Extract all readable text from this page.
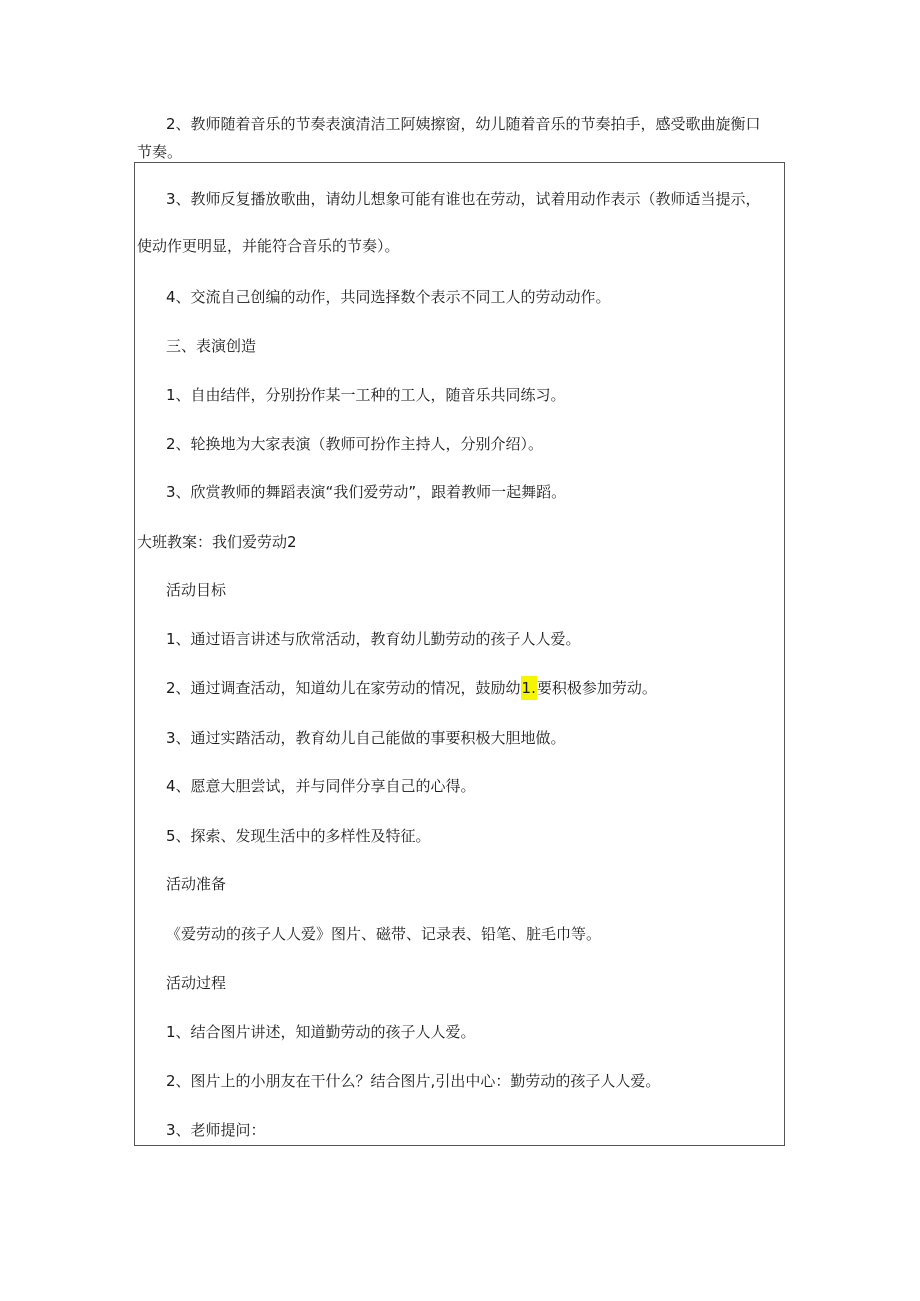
2、教师随着音乐的节奏表演清洁工阿姨擦窗，幼儿随着音乐的节奏拍手，感受歌曲旋衡口

节奏。

3、教师反复播放歌曲，请幼儿想象可能有谁也在劳动，试着用动作表示（教师适当提示，

使动作更明显，并能符合音乐的节奏）。

4、交流自己创编的动作，共同选择数个表示不同工人的劳动动作。

三、表演创造

1、自由结伴，分别扮作某一工种的工人，随音乐共同练习。

2、轮换地为大家表演（教师可扮作主持人，分别介绍）。

3、欣赏教师的舞蹈表演“我们爱劳动”，跟着教师一起舞蹈。

大班教案：我们爱劳动2

活动目标

1、通过语言讲述与欣常活动，教育幼儿勤劳动的孩子人人爱。

2、通过调查活动，知道幼儿在家劳动的情况，鼓励幼1.要积极参加劳动。

3、通过实踏活动，教育幼儿自己能做的事要积极大胆地做。

4、愿意大胆尝试，并与同伴分享自己的心得。

5、探索、发现生活中的多样性及特征。

活动准备

《爱劳动的孩子人人爱》图片、磁带、记录表、铅笔、脏毛巾等。

活动过程

1、结合图片讲述，知道勤劳动的孩子人人爱。

2、图片上的小朋友在干什么？结合图片,引出中心：勤劳动的孩子人人爱。

3、老师提问：
